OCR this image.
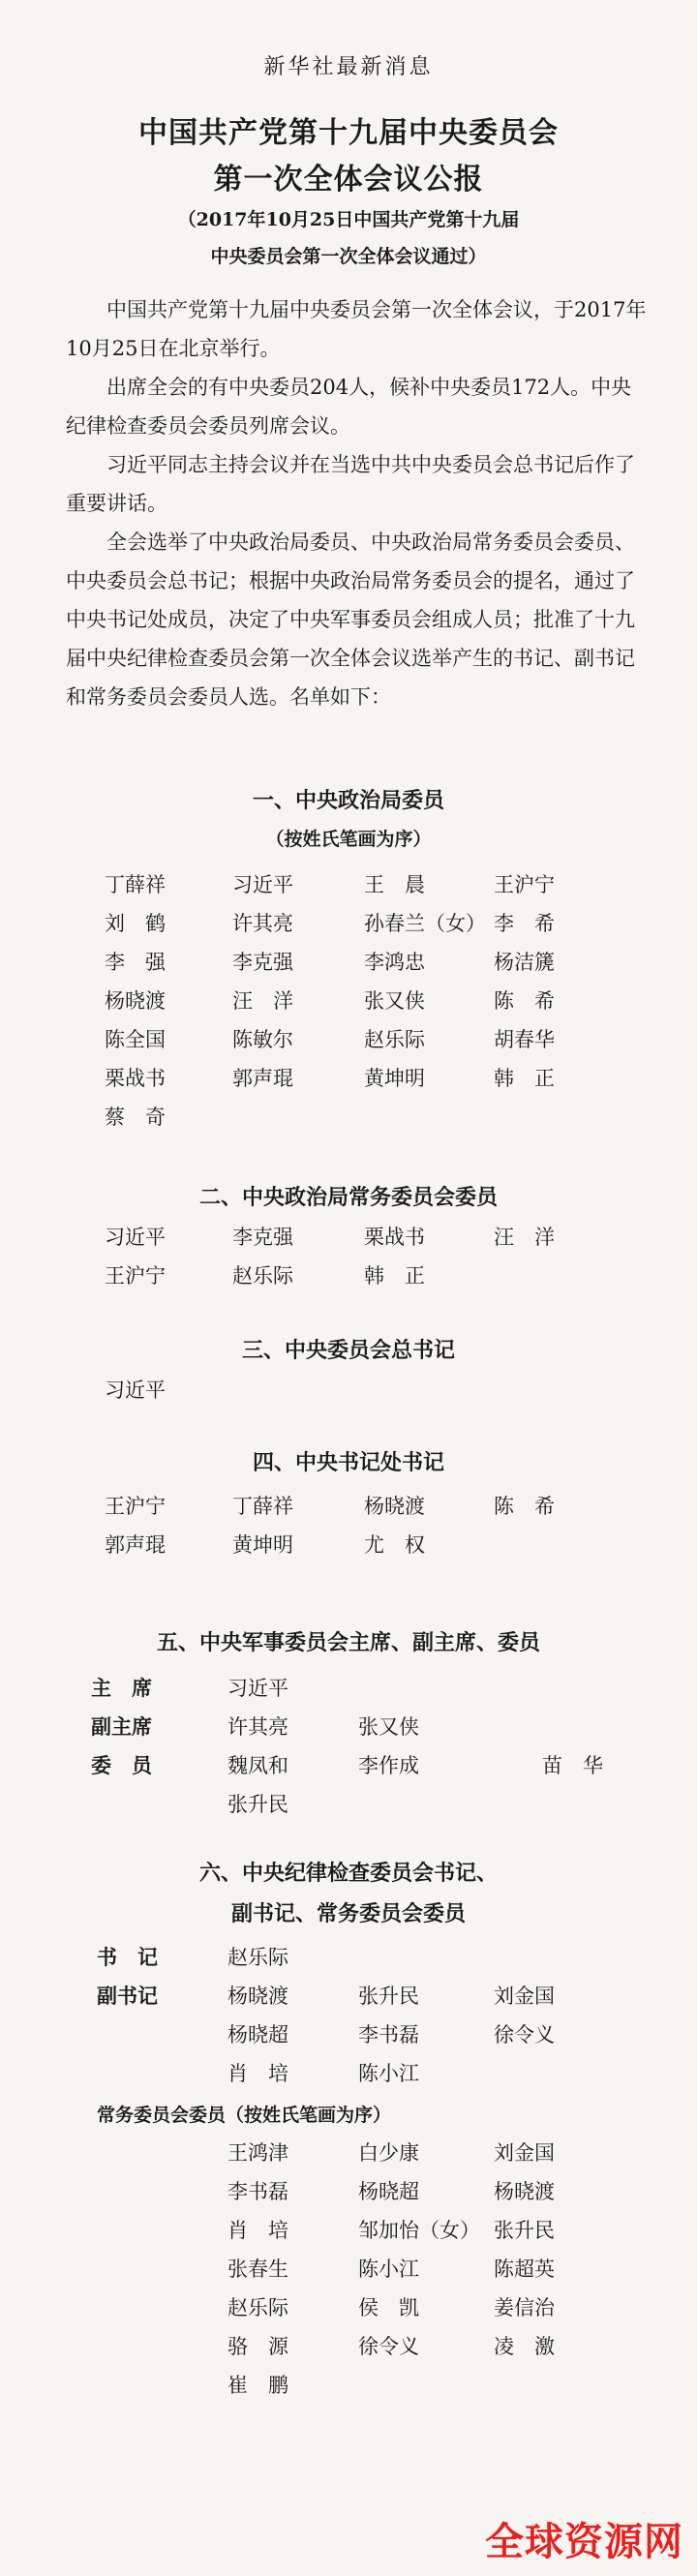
新华社最新消息
中国共产党第十九届中央委员会
第一次全体会议公报
（2017年10月25日中国共产党第十九届
中央委员会第一次全体会议通过）

中国共产党第十九届中央委员会第一次全体会议，于2017年10月25日在北京举行。

出席全会的有中央委员204人，候补中央委员172人。中央纪律检查委员会委员列席会议。

习近平同志主持会议并在当选中共中央委员会总书记后作了重要讲话。

全会选举了中央政治局委员、中央政治局常务委员会委员、中央委员会总书记；根据中央政治局常务委员会的提名，通过了中央书记处成员，决定了中央军事委员会组成人员；批准了十九届中央纪律检查委员会第一次全体会议选举产生的书记、副书记和常务委员会委员人选。名单如下：

一、中央政治局委员
（按姓氏笔画为序）
丁薛祥	习近平	王　晨	王沪宁
刘　鹤	许其亮	孙春兰（女） 李　希
李　强	李克强	李鸿忠	杨洁篪
杨晓渡	汪　洋	张又侠	陈　希
陈全国	陈敏尔	赵乐际	胡春华
栗战书	郭声琨	黄坤明	韩　正
蔡　奇
二、中央政治局常务委员会委员
习近平	李克强	栗战书	汪　洋
王沪宁	赵乐际	韩　正
三、中央委员会总书记
习近平
四、中央书记处书记
王沪宁	丁薛祥	杨晓渡	陈　希
郭声琨	黄坤明	尤　权
五、中央军事委员会主席、副主席、委员
主　席	习近平
副主席	许其亮	张又侠
委　员	魏凤和	李作成	苗　华
张升民
六、中央纪律检查委员会书记、
副书记、常务委员会委员
书　记	赵乐际
副书记	杨晓渡	张升民	刘金国
杨晓超	李书磊	徐令义
肖　培	陈小江
常务委员会委员（按姓氏笔画为序）
王鸿津	白少康	刘金国
李书磊	杨晓超	杨晓渡
肖　培	邹加怡（女） 张升民
张春生	陈小江	陈超英
赵乐际	侯　凯	姜信治
骆　源	徐令义	凌　激
崔　鹏
全球资源网
